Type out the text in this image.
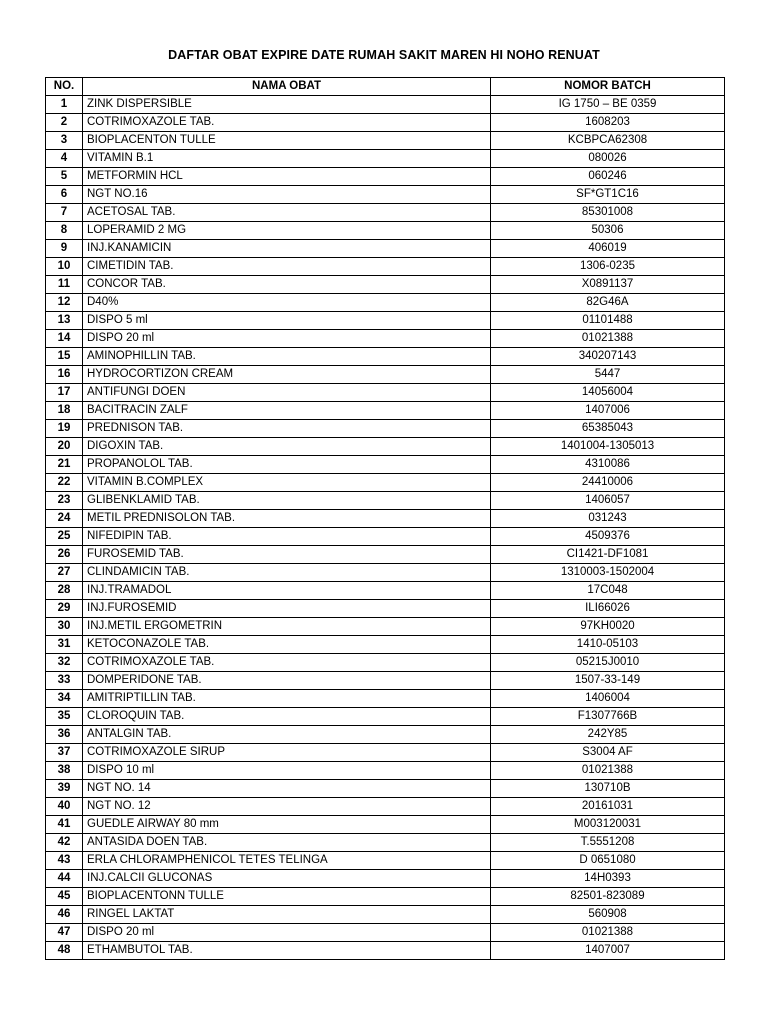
DAFTAR OBAT EXPIRE DATE RUMAH SAKIT MAREN HI NOHO RENUAT
NO.	NAMA OBAT	NOMOR BATCH
1	ZINK DISPERSIBLE	IG 1750 – BE 0359
2	COTRIMOXAZOLE TAB.	1608203
3	BIOPLACENTON TULLE	KCBPCA62308
4	VITAMIN B.1	080026
5	METFORMIN HCL	060246
6	NGT NO.16	SF*GT1C16
7	ACETOSAL TAB.	85301008
8	LOPERAMID 2 MG	50306
9	INJ.KANAMICIN	406019
10	CIMETIDIN TAB.	1306-0235
11	CONCOR TAB.	X0891137
12	D40%	82G46A
13	DISPO 5 ml	01101488
14	DISPO 20 ml	01021388
15	AMINOPHILLIN TAB.	340207143
16	HYDROCORTIZON CREAM	5447
17	ANTIFUNGI DOEN	14056004
18	BACITRACIN ZALF	1407006
19	PREDNISON TAB.	65385043
20	DIGOXIN TAB.	1401004-1305013
21	PROPANOLOL TAB.	4310086
22	VITAMIN B.COMPLEX	24410006
23	GLIBENKLAMID TAB.	1406057
24	METIL PREDNISOLON TAB.	031243
25	NIFEDIPIN TAB.	4509376
26	FUROSEMID TAB.	CI1421-DF1081
27	CLINDAMICIN TAB.	1310003-1502004
28	INJ.TRAMADOL	17C048
29	INJ.FUROSEMID	ILI66026
30	INJ.METIL ERGOMETRIN	97KH0020
31	KETOCONAZOLE TAB.	1410-05103
32	COTRIMOXAZOLE TAB.	05215J0010
33	DOMPERIDONE TAB.	1507-33-149
34	AMITRIPTILLIN TAB.	1406004
35	CLOROQUIN TAB.	F1307766B
36	ANTALGIN TAB.	242Y85
37	COTRIMOXAZOLE SIRUP	S3004 AF
38	DISPO 10 ml	01021388
39	NGT NO. 14	130710B
40	NGT NO. 12	20161031
41	GUEDLE AIRWAY 80 mm	M003120031
42	ANTASIDA DOEN TAB.	T.5551208
43	ERLA CHLORAMPHENICOL TETES TELINGA	D 0651080
44	INJ.CALCII GLUCONAS	14H0393
45	BIOPLACENTONN TULLE	82501-823089
46	RINGEL LAKTAT	560908
47	DISPO 20 ml	01021388
48	ETHAMBUTOL TAB.	1407007
